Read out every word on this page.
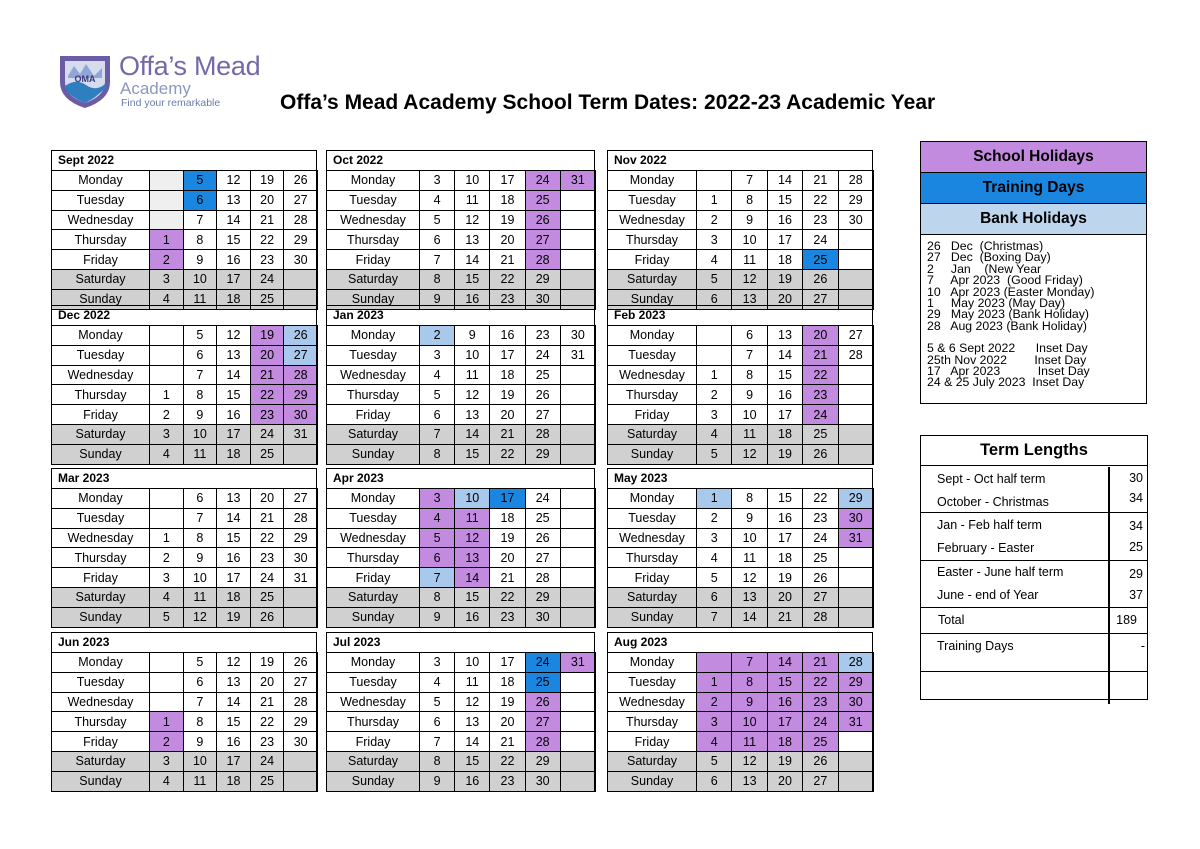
OMA Offa’s Mead
Academy
Find your remarkable	Offa’s Mead Academy School Term Dates: 2022-23 Academic Year
Sept 2022
Monday		5	12	19	26
Tuesday		6	13	20	27
Wednesday		7	14	21	28
Thursday	1	8	15	22	29
Friday	2	9	16	23	30
Saturday	3	10	17	24	
Sunday	4	11	18	25	
Oct 2022
Monday	3	10	17	24	31
Tuesday	4	11	18	25	
Wednesday	5	12	19	26	
Thursday	6	13	20	27	
Friday	7	14	21	28	
Saturday	8	15	22	29	
Sunday	9	16	23	30	
Nov 2022
Monday		7	14	21	28
Tuesday	1	8	15	22	29
Wednesday	2	9	16	23	30
Thursday	3	10	17	24	
Friday	4	11	18	25	
Saturday	5	12	19	26	
Sunday	6	13	20	27	
Dec 2022
Monday		5	12	19	26
Tuesday		6	13	20	27
Wednesday		7	14	21	28
Thursday	1	8	15	22	29
Friday	2	9	16	23	30
Saturday	3	10	17	24	31
Sunday	4	11	18	25	
Jan 2023
Monday	2	9	16	23	30
Tuesday	3	10	17	24	31
Wednesday	4	11	18	25	
Thursday	5	12	19	26	
Friday	6	13	20	27	
Saturday	7	14	21	28	
Sunday	8	15	22	29	
Feb 2023
Monday		6	13	20	27
Tuesday		7	14	21	28
Wednesday	1	8	15	22	
Thursday	2	9	16	23	
Friday	3	10	17	24	
Saturday	4	11	18	25	
Sunday	5	12	19	26	
Mar 2023
Monday		6	13	20	27
Tuesday		7	14	21	28
Wednesday	1	8	15	22	29
Thursday	2	9	16	23	30
Friday	3	10	17	24	31
Saturday	4	11	18	25	
Sunday	5	12	19	26	
Apr 2023
Monday	3	10	17	24	
Tuesday	4	11	18	25	
Wednesday	5	12	19	26	
Thursday	6	13	20	27	
Friday	7	14	21	28	
Saturday	8	15	22	29	
Sunday	9	16	23	30	
May 2023
Monday	1	8	15	22	29
Tuesday	2	9	16	23	30
Wednesday	3	10	17	24	31
Thursday	4	11	18	25	
Friday	5	12	19	26	
Saturday	6	13	20	27	
Sunday	7	14	21	28	
Jun 2023
Monday		5	12	19	26
Tuesday		6	13	20	27
Wednesday		7	14	21	28
Thursday	1	8	15	22	29
Friday	2	9	16	23	30
Saturday	3	10	17	24	
Sunday	4	11	18	25	
Jul 2023
Monday	3	10	17	24	31
Tuesday	4	11	18	25	
Wednesday	5	12	19	26	
Thursday	6	13	20	27	
Friday	7	14	21	28	
Saturday	8	15	22	29	
Sunday	9	16	23	30	
Aug 2023
Monday		7	14	21	28
Tuesday	1	8	15	22	29
Wednesday	2	9	16	23	30
Thursday	3	10	17	24	31
Friday	4	11	18	25	
Saturday	5	12	19	26	
Sunday	6	13	20	27	
School Holidays
Training Days
Bank Holidays
26   Dec  (Christmas)
27   Dec  (Boxing Day)
2     Jan    (New Year
7     Apr 2023  (Good Friday)
10   Apr 2023 (Easter Monday)
1     May 2023 (May Day)
29   May 2023 (Bank Holiday)
28   Aug 2023 (Bank Holiday)
5 & 6 Sept 2022      Inset Day
25th Nov 2022        Inset Day
17   Apr 2023           Inset Day
24 & 25 July 2023  Inset Day
Term Lengths
Sept - Oct half term	30
October - Christmas	34
Jan - Feb half term	34
February - Easter	25
Easter - June half term	29
June - end of Year	37
Total	189
Training Days	-
